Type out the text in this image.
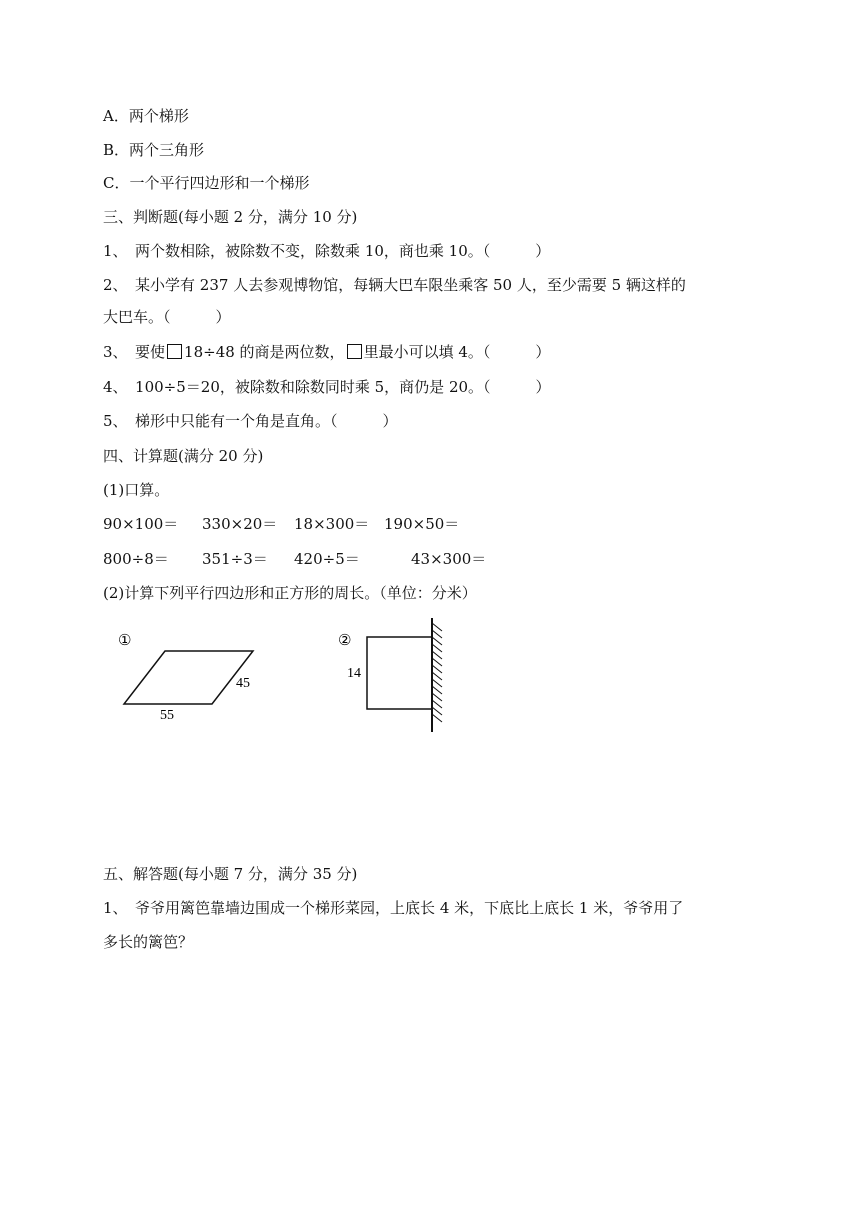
A．两个梯形
B．两个三角形
C．一个平行四边形和一个梯形
三、判断题(每小题 2 分，满分 10 分)
1、　两个数相除，被除数不变，除数乘 10，商也乘 10。（　　　）
2、　某小学有 237 人去参观博物馆，每辆大巴车限坐乘客 50 人，至少需要 5 辆这样的
大巴车。（　　　）
3、　要使 18÷48 的商是两位数， 里最小可以填 4。（　　　）
4、　100÷5＝20，被除数和除数同时乘 5，商仍是 20。（　　　）
5、　梯形中只能有一个角是直角。（　　　）
四、计算题(满分 20 分)
(1)口算。
90×100＝ 330×20＝ 18×300＝ 190×50＝
800÷8＝ 351÷3＝ 420÷5＝	43×300＝
(2)计算下列平行四边形和正方形的周长。（单位：分米）
①
45
55
②
14
五、解答题(每小题 7 分，满分 35 分)
1、　爷爷用篱笆靠墙边围成一个梯形菜园，上底长 4 米，下底比上底长 1 米，爷爷用了
多长的篱笆？
